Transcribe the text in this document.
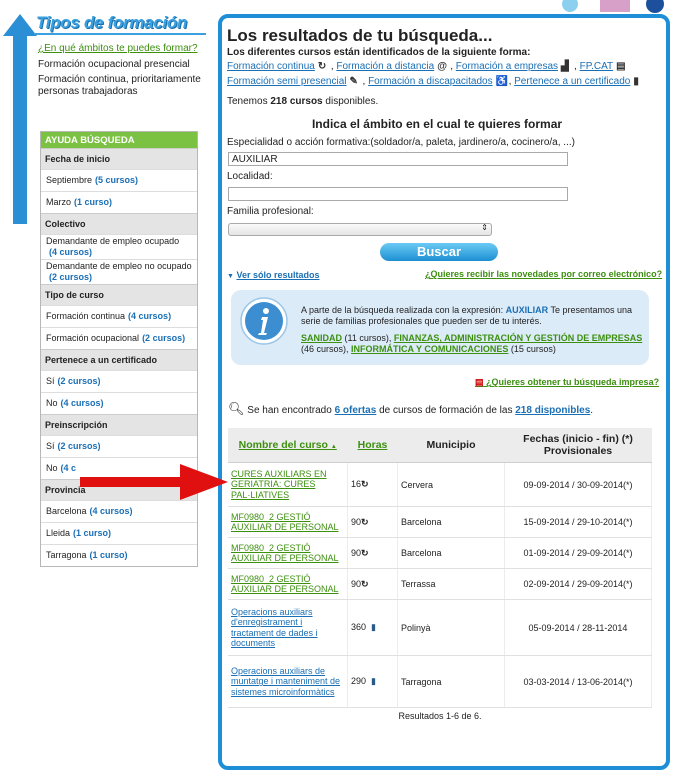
Tipos de formación
¿En qué ámbitos te puedes formar?
Formación ocupacional presencial
Formación continua, prioritariamente personas trabajadoras
AYUDA BÚSQUEDA
Fecha de inicio
Septiembre (5 cursos)
Marzo (1 curso)
Colectivo
Demandante de empleo ocupado (4 cursos)
Demandante de empleo no ocupado (2 cursos)
Tipo de curso
Formación continua (4 cursos)
Formación ocupacional (2 cursos)
Pertenece a un certificado
Sí (2 cursos)
No (4 cursos)
Preinscripción
Sí (2 cursos)
No (4 c
Provincia
Barcelona (4 cursos)
Lleida (1 curso)
Tarragona (1 curso)
Los resultados de tu búsqueda...
Los diferentes cursos están identificados de la siguiente forma:
Formación continua ↻ , Formación a distancia @ , Formación a empresas ▟ , FP.CAT ▤
Formación semi presencial ✎ , Formación a discapacitados ♿, Pertenece a un certificado ▮
Tenemos 218 cursos disponibles.
Indica el ámbito en el cual te quieres formar
Especialidad o acción formativa:(soldador/a, paleta, jardinero/a, cocinero/a, ...)
AUXILIAR
Localidad:
Familia profesional:
⇕
Buscar
▼ Ver sólo resultados	¿Quieres recibir las novedades por correo electrónico?
A parte de la búsqueda realizada con la expresión: AUXILIAR Te presentamos una serie de familias profesionales que pueden ser de tu interés.
SANIDAD (11 cursos), FINANZAS, ADMINISTRACIÓN Y GESTIÓN DE EMPRESAS (46 cursos), INFORMÁTICA Y COMUNICACIONES (15 cursos)
▤ ¿Quieres obtener tu búsqueda impresa?
🔍︎ Se han encontrado 6 ofertas de cursos de formación de las 218 disponibles.
Nombre del curso ▲	Horas	Municipio	Fechas (inicio - fin) (*) Provisionales
CURES AUXILIARS EN GERIATRIA: CURES PAL·LIATIVES	16↻	Cervera	09-09-2014 / 30-09-2014(*)
MF0980_2 GESTIÓ AUXILIAR DE PERSONAL	90↻	Barcelona	15-09-2014 / 29-10-2014(*)
MF0980_2 GESTIÓ AUXILIAR DE PERSONAL	90↻	Barcelona	01-09-2014 / 29-09-2014(*)
MF0980_2 GESTIÓ AUXILIAR DE PERSONAL	90↻	Terrassa	02-09-2014 / 29-09-2014(*)
Operacions auxiliars d'enregistrament i tractament de dades i documents	360 ▮	Polinyà	05-09-2014 / 28-11-2014
Operacions auxiliars de muntatge i manteniment de sistemes microinformàtics	290 ▮	Tarragona	03-03-2014 / 13-06-2014(*)
Resultados 1-6 de 6.
